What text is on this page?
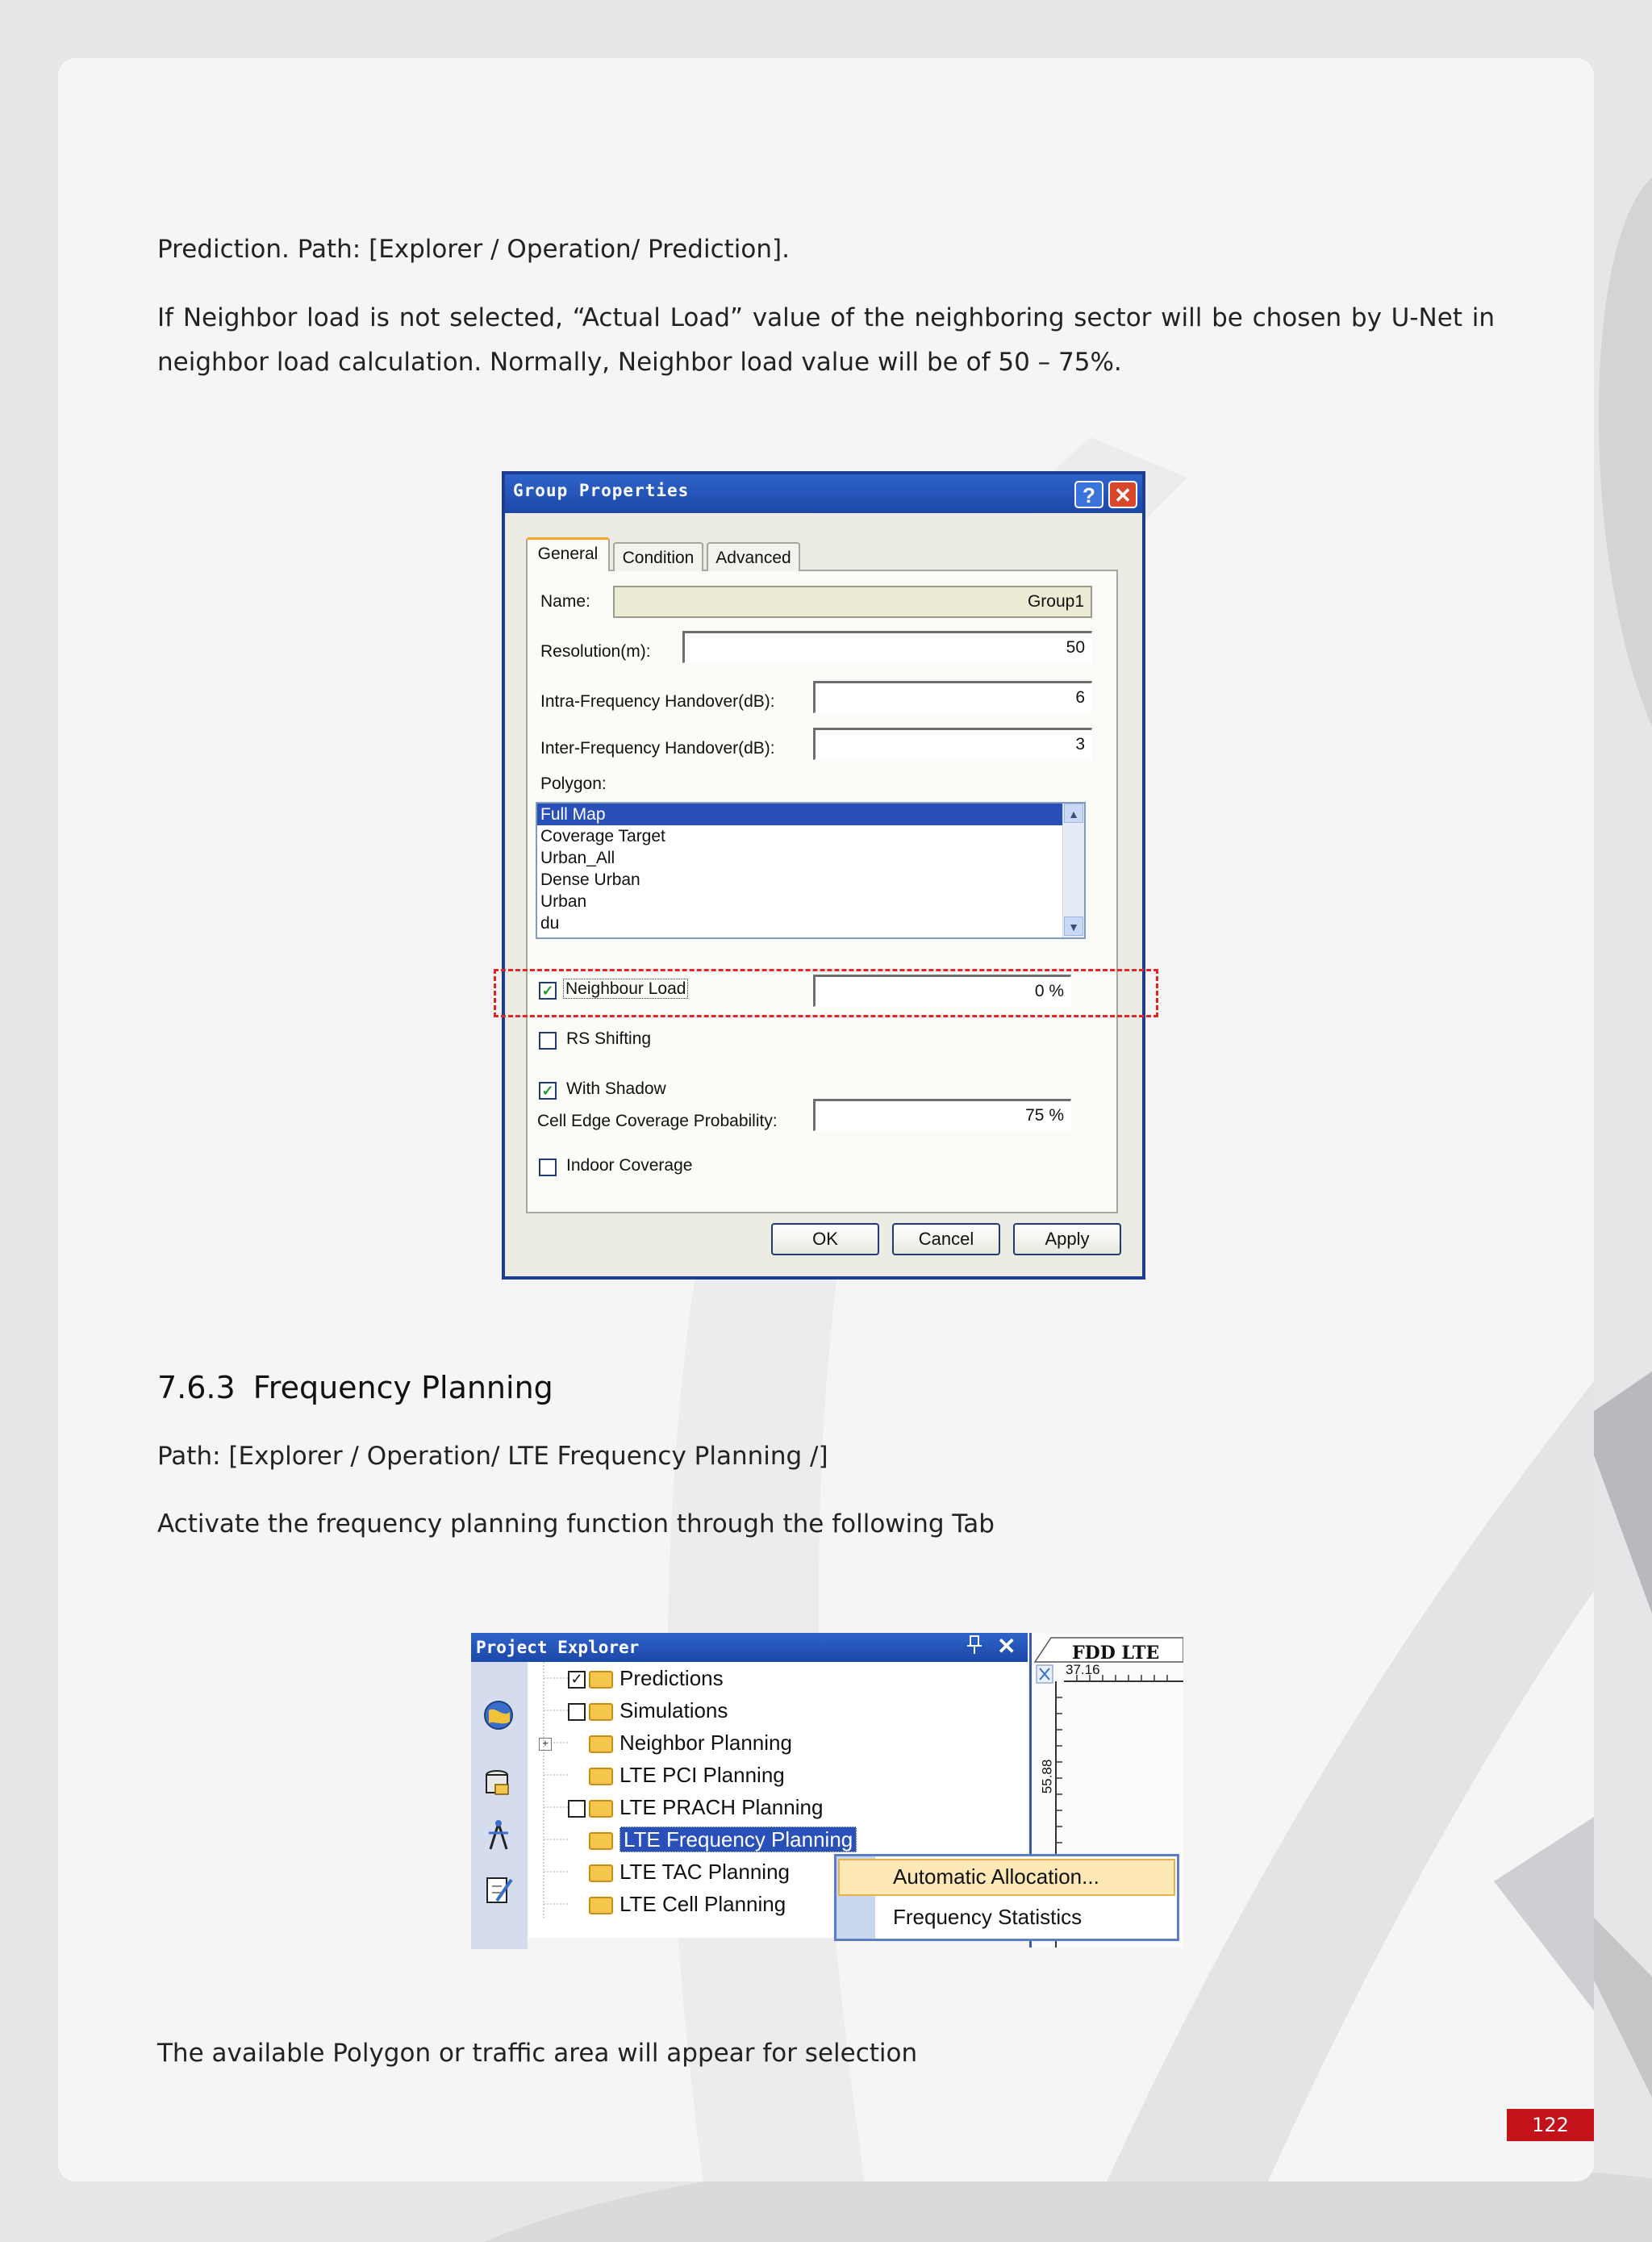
Prediction. Path: [Explorer / Operation/ Prediction].
If Neighbor load is not selected, “Actual Load” value of the neighboring sector will be chosen by U-Net in neighbor load calculation. Normally, Neighbor load value will be of 50 – 75%.
Group Properties	? ✕
General	Condition	Advanced
Name:	Group1
Resolution(m):	50
Intra-Frequency Handover(dB):	6
Inter-Frequency Handover(dB):	3
Polygon:
Full Map
Coverage Target
Urban_All
Dense Urban
Urban
du
▲
▼
✓ Neighbour Load	0 %
RS Shifting
✓ With Shadow
Cell Edge Coverage Probability:	75 %
Indoor Coverage
OK	Cancel	Apply
7.6.3 Frequency Planning
Path: [Explorer / Operation/ LTE Frequency Planning /]
Activate the frequency planning function through the following Tab
Project Explorer	✕
✓ Predictions
Simulations
+	Neighbor Planning
LTE PCI Planning
LTE PRACH Planning
LTE Frequency Planning
LTE TAC Planning
LTE Cell Planning
FDD LTE
37.16
55.88
Automatic Allocation...
Frequency Statistics
The available Polygon or traffic area will appear for selection
122
